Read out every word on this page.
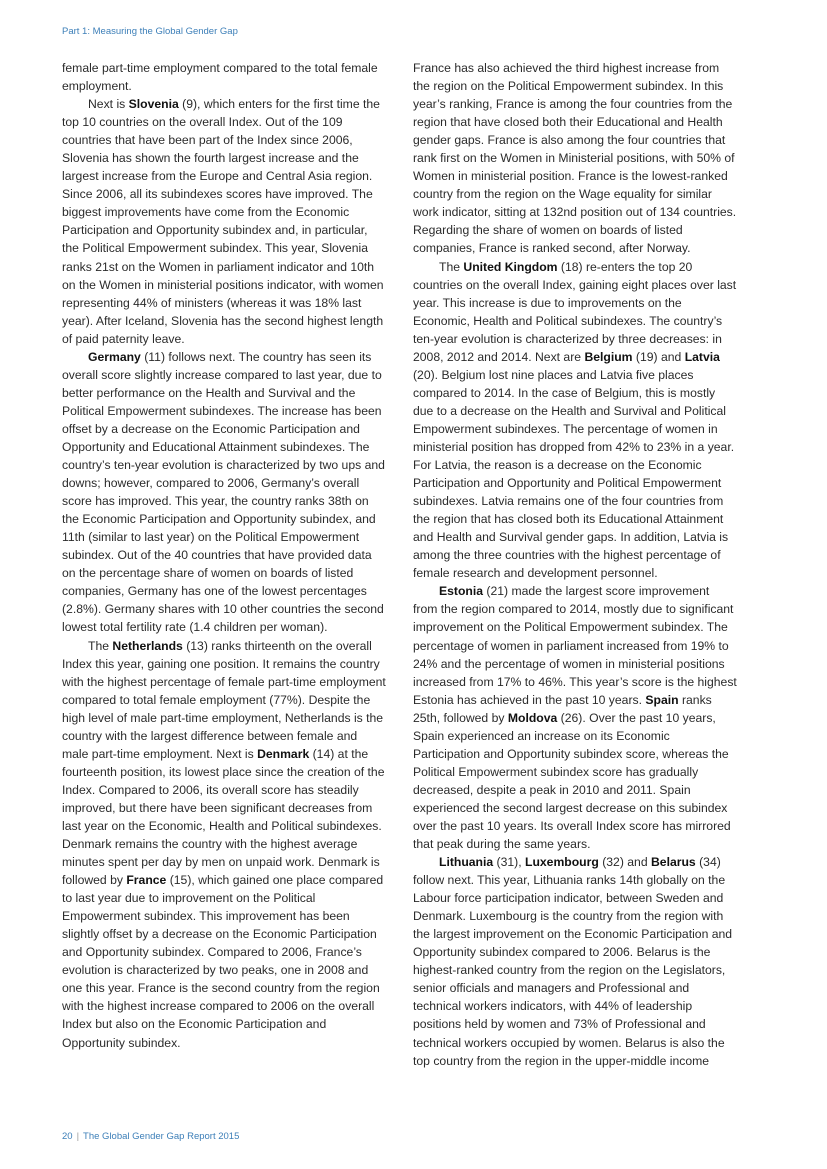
Part 1: Measuring the Global Gender Gap

female part-time employment compared to the total female employment.

Next is Slovenia (9), which enters for the first time the top 10 countries on the overall Index. Out of the 109 countries that have been part of the Index since 2006, Slovenia has shown the fourth largest increase and the largest increase from the Europe and Central Asia region. Since 2006, all its subindexes scores have improved. The biggest improvements have come from the Economic Participation and Opportunity subindex and, in particular, the Political Empowerment subindex. This year, Slovenia ranks 21st on the Women in parliament indicator and 10th on the Women in ministerial positions indicator, with women representing 44% of ministers (whereas it was 18% last year). After Iceland, Slovenia has the second highest length of paid paternity leave.

Germany (11) follows next. The country has seen its overall score slightly increase compared to last year, due to better performance on the Health and Survival and the Political Empowerment subindexes. The increase has been offset by a decrease on the Economic Participation and Opportunity and Educational Attainment subindexes. The country’s ten-year evolution is characterized by two ups and downs; however, compared to 2006, Germany’s overall score has improved. This year, the country ranks 38th on the Economic Participation and Opportunity subindex, and 11th (similar to last year) on the Political Empowerment subindex. Out of the 40 countries that have provided data on the percentage share of women on boards of listed companies, Germany has one of the lowest percentages (2.8%). Germany shares with 10 other countries the second lowest total fertility rate (1.4 children per woman).

The Netherlands (13) ranks thirteenth on the overall Index this year, gaining one position. It remains the country with the highest percentage of female part-time employment compared to total female employment (77%). Despite the high level of male part-time employment, Netherlands is the country with the largest difference between female and male part-time employment. Next is Denmark (14) at the fourteenth position, its lowest place since the creation of the Index. Compared to 2006, its overall score has steadily improved, but there have been significant decreases from last year on the Economic, Health and Political subindexes. Denmark remains the country with the highest average minutes spent per day by men on unpaid work. Denmark is followed by France (15), which gained one place compared to last year due to improvement on the Political Empowerment subindex. This improvement has been slightly offset by a decrease on the Economic Participation and Opportunity subindex. Compared to 2006, France’s evolution is characterized by two peaks, one in 2008 and one this year. France is the second country from the region with the highest increase compared to 2006 on the overall Index but also on the Economic Participation and Opportunity subindex.

France has also achieved the third highest increase from the region on the Political Empowerment subindex. In this year’s ranking, France is among the four countries from the region that have closed both their Educational and Health gender gaps. France is also among the four countries that rank first on the Women in Ministerial positions, with 50% of Women in ministerial position. France is the lowest-ranked country from the region on the Wage equality for similar work indicator, sitting at 132nd position out of 134 countries. Regarding the share of women on boards of listed companies, France is ranked second, after Norway.

The United Kingdom (18) re-enters the top 20 countries on the overall Index, gaining eight places over last year. This increase is due to improvements on the Economic, Health and Political subindexes. The country’s ten-year evolution is characterized by three decreases: in 2008, 2012 and 2014. Next are Belgium (19) and Latvia (20). Belgium lost nine places and Latvia five places compared to 2014. In the case of Belgium, this is mostly due to a decrease on the Health and Survival and Political Empowerment subindexes. The percentage of women in ministerial position has dropped from 42% to 23% in a year. For Latvia, the reason is a decrease on the Economic Participation and Opportunity and Political Empowerment subindexes. Latvia remains one of the four countries from the region that has closed both its Educational Attainment and Health and Survival gender gaps. In addition, Latvia is among the three countries with the highest percentage of female research and development personnel.

Estonia (21) made the largest score improvement from the region compared to 2014, mostly due to significant improvement on the Political Empowerment subindex. The percentage of women in parliament increased from 19% to 24% and the percentage of women in ministerial positions increased from 17% to 46%. This year’s score is the highest Estonia has achieved in the past 10 years. Spain ranks 25th, followed by Moldova (26). Over the past 10 years, Spain experienced an increase on its Economic Participation and Opportunity subindex score, whereas the Political Empowerment subindex score has gradually decreased, despite a peak in 2010 and 2011. Spain experienced the second largest decrease on this subindex over the past 10 years. Its overall Index score has mirrored that peak during the same years.

Lithuania (31), Luxembourg (32) and Belarus (34) follow next. This year, Lithuania ranks 14th globally on the Labour force participation indicator, between Sweden and Denmark. Luxembourg is the country from the region with the largest improvement on the Economic Participation and Opportunity subindex compared to 2006. Belarus is the highest-ranked country from the region on the Legislators, senior officials and managers and Professional and technical workers indicators, with 44% of leadership positions held by women and 73% of Professional and technical workers occupied by women. Belarus is also the top country from the region in the upper-middle income

20 | The Global Gender Gap Report 2015
